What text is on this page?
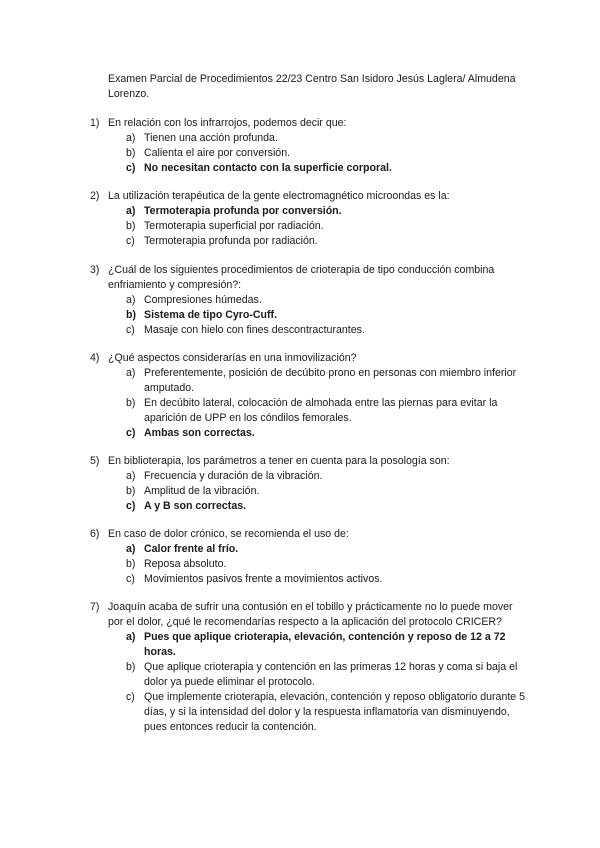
Examen Parcial de Procedimientos 22/23 Centro San Isidoro Jesús Laglera/ Almudena Lorenzo.

1) En relación con los infrarrojos, podemos decir que:
a) Tienen una acción profunda.
b) Calienta el aire por conversión.
c) No necesitan contacto con la superficie corporal.
2) La utilización terapéutica de la gente electromagnético microondas es la:
a) Termoterapia profunda por conversión.
b) Termoterapia superficial por radiación.
c) Termoterapia profunda por radiación.
3) ¿Cuál de los siguientes procedimientos de crioterapia de tipo conducción combina enfriamiento y compresión?:
a) Compresiones húmedas.
b) Sistema de tipo Cyro-Cuff.
c) Masaje con hielo con fines descontracturantes.
4) ¿Qué aspectos considerarías en una inmovilización?
a) Preferentemente, posición de decúbito prono en personas con miembro inferior amputado.
b) En decúbito lateral, colocación de almohada entre las piernas para evitar la aparición de UPP en los cóndilos femorales.
c) Ambas son correctas.
5) En biblioterapia, los parámetros a tener en cuenta para la posología son:
a) Frecuencia y duración de la vibración.
b) Amplitud de la vibración.
c) A y B son correctas.
6) En caso de dolor crónico, se recomienda el uso de:
a) Calor frente al frío.
b) Reposa absoluto.
c) Movimientos pasivos frente a movimientos activos.
7) Joaquín acaba de sufrir una contusión en el tobillo y prácticamente no lo puede mover por el dolor, ¿qué le recomendarías respecto a la aplicación del protocolo CRICER?
a) Pues que aplique crioterapia, elevación, contención y reposo de 12 a 72 horas.
b) Que aplique crioterapia y contención en las primeras 12 horas y coma si baja el dolor ya puede eliminar el protocolo.
c) Que implemente crioterapia, elevación, contención y reposo obligatorio durante 5 días, y si la intensidad del dolor y la respuesta inflamatoria van disminuyendo, pues entonces reducir la contención.
